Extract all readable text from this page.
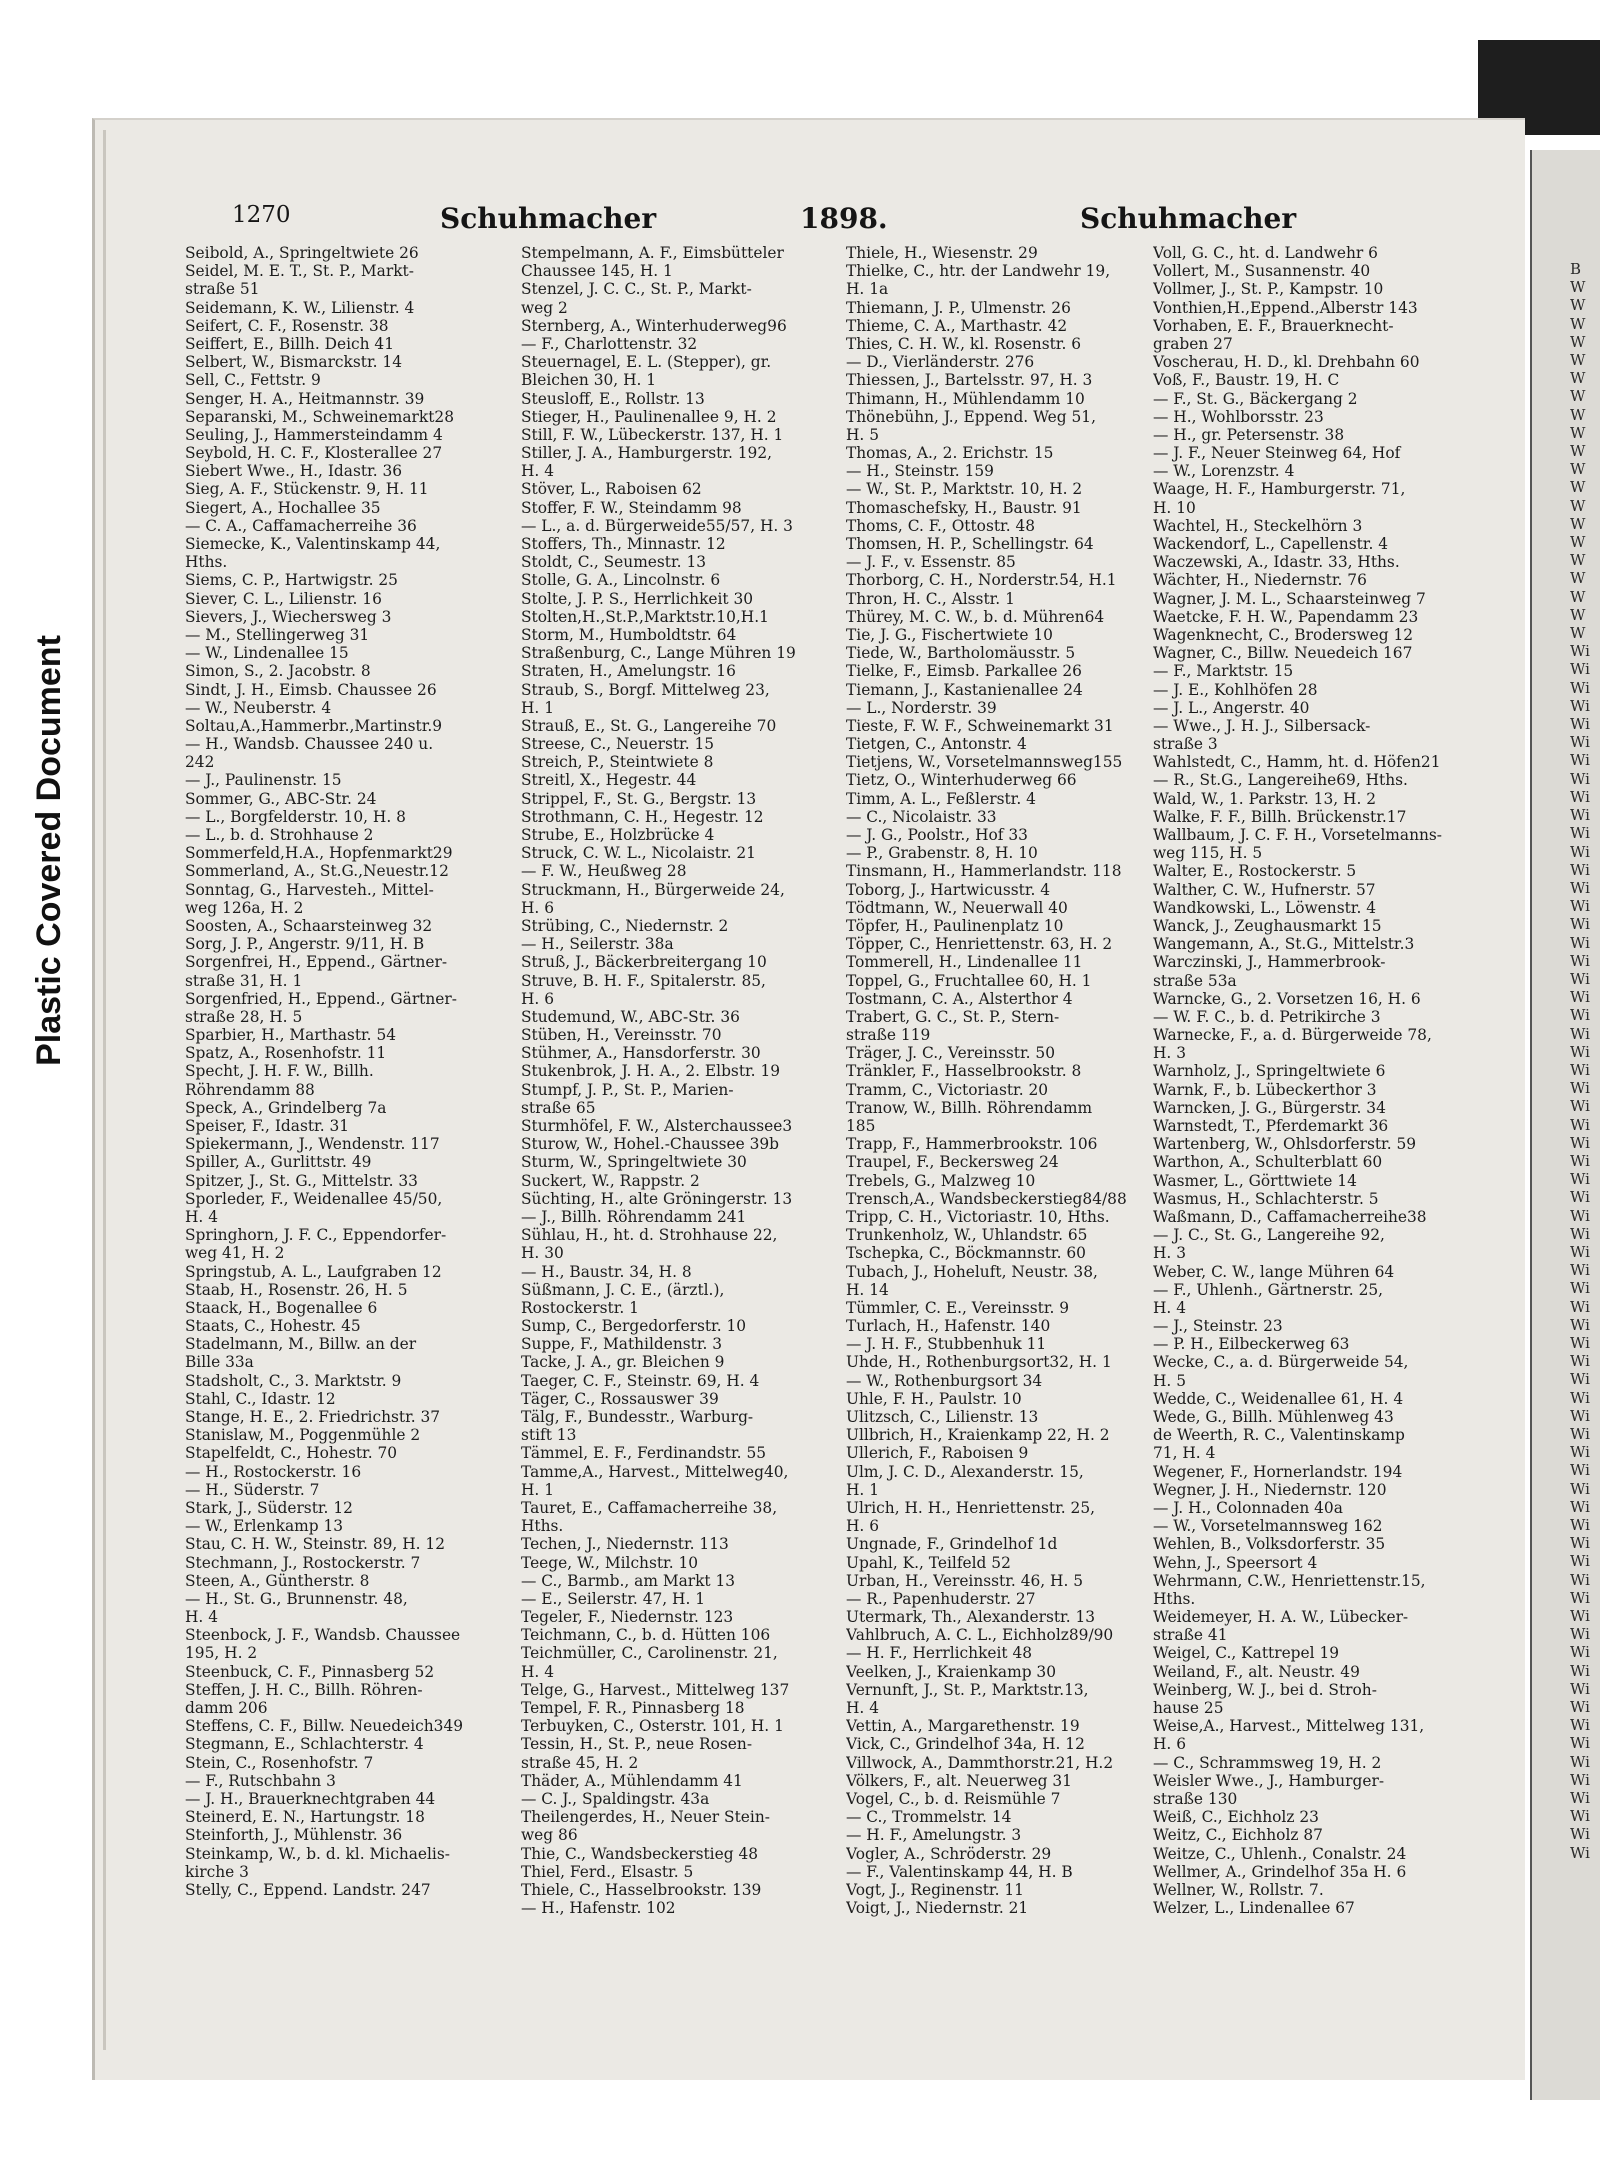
Plastic Covered Document
1270	Schuhmacher	1898.	Schuhmacher
Seibold, A., Springeltwiete 26
Seidel, M. E. T., St. P., Markt-
straße 51
Seidemann, K. W., Lilienstr. 4
Seifert, C. F., Rosenstr. 38
Seiffert, E., Billh. Deich 41
Selbert, W., Bismarckstr. 14
Sell, C., Fettstr. 9
Senger, H. A., Heitmannstr. 39
Separanski, M., Schweinemarkt28
Seuling, J., Hammersteindamm 4
Seybold, H. C. F., Klosterallee 27
Siebert Wwe., H., Idastr. 36
Sieg, A. F., Stückenstr. 9, H. 11
Siegert, A., Hochallee 35
— C. A., Caffamacherreihe 36
Siemecke, K., Valentinskamp 44,
Hths.
Siems, C. P., Hartwigstr. 25
Siever, C. L., Lilienstr. 16
Sievers, J., Wiechersweg 3
— M., Stellingerweg 31
— W., Lindenallee 15
Simon, S., 2. Jacobstr. 8
Sindt, J. H., Eimsb. Chaussee 26
— W., Neuberstr. 4
Soltau,A.,Hammerbr.,Martinstr.9
— H., Wandsb. Chaussee 240 u.
242
— J., Paulinenstr. 15
Sommer, G., ABC-Str. 24
— L., Borgfelderstr. 10, H. 8
— L., b. d. Strohhause 2
Sommerfeld,H.A., Hopfenmarkt29
Sommerland, A., St.G.,Neuestr.12
Sonntag, G., Harvesteh., Mittel-
weg 126a, H. 2
Soosten, A., Schaarsteinweg 32
Sorg, J. P., Angerstr. 9/11, H. B
Sorgenfrei, H., Eppend., Gärtner-
straße 31, H. 1
Sorgenfried, H., Eppend., Gärtner-
straße 28, H. 5
Sparbier, H., Marthastr. 54
Spatz, A., Rosenhofstr. 11
Specht, J. H. F. W., Billh.
Röhrendamm 88
Speck, A., Grindelberg 7a
Speiser, F., Idastr. 31
Spiekermann, J., Wendenstr. 117
Spiller, A., Gurlittstr. 49
Spitzer, J., St. G., Mittelstr. 33
Sporleder, F., Weidenallee 45/50,
H. 4
Springhorn, J. F. C., Eppendorfer-
weg 41, H. 2
Springstub, A. L., Laufgraben 12
Staab, H., Rosenstr. 26, H. 5
Staack, H., Bogenallee 6
Staats, C., Hohestr. 45
Stadelmann, M., Billw. an der
Bille 33a
Stadsholt, C., 3. Marktstr. 9
Stahl, C., Idastr. 12
Stange, H. E., 2. Friedrichstr. 37
Stanislaw, M., Poggenmühle 2
Stapelfeldt, C., Hohestr. 70
— H., Rostockerstr. 16
— H., Süderstr. 7
Stark, J., Süderstr. 12
— W., Erlenkamp 13
Stau, C. H. W., Steinstr. 89, H. 12
Stechmann, J., Rostockerstr. 7
Steen, A., Güntherstr. 8
— H., St. G., Brunnenstr. 48,
H. 4
Steenbock, J. F., Wandsb. Chaussee
195, H. 2
Steenbuck, C. F., Pinnasberg 52
Steffen, J. H. C., Billh. Röhren-
damm 206
Steffens, C. F., Billw. Neuedeich349
Stegmann, E., Schlachterstr. 4
Stein, C., Rosenhofstr. 7
— F., Rutschbahn 3
— J. H., Brauerknechtgraben 44
Steinerd, E. N., Hartungstr. 18
Steinforth, J., Mühlenstr. 36
Steinkamp, W., b. d. kl. Michaelis-
kirche 3
Stelly, C., Eppend. Landstr. 247
Stempelmann, A. F., Eimsbütteler
Chaussee 145, H. 1
Stenzel, J. C. C., St. P., Markt-
weg 2
Sternberg, A., Winterhuderweg96
— F., Charlottenstr. 32
Steuernagel, E. L. (Stepper), gr.
Bleichen 30, H. 1
Steusloff, E., Rollstr. 13
Stieger, H., Paulinenallee 9, H. 2
Still, F. W., Lübeckerstr. 137, H. 1
Stiller, J. A., Hamburgerstr. 192,
H. 4
Stöver, L., Raboisen 62
Stoffer, F. W., Steindamm 98
— L., a. d. Bürgerweide55/57, H. 3
Stoffers, Th., Minnastr. 12
Stoldt, C., Seumestr. 13
Stolle, G. A., Lincolnstr. 6
Stolte, J. P. S., Herrlichkeit 30
Stolten,H.,St.P.,Marktstr.10,H.1
Storm, M., Humboldtstr. 64
Straßenburg, C., Lange Mühren 19
Straten, H., Amelungstr. 16
Straub, S., Borgf. Mittelweg 23,
H. 1
Strauß, E., St. G., Langereihe 70
Streese, C., Neuerstr. 15
Streich, P., Steintwiete 8
Streitl, X., Hegestr. 44
Strippel, F., St. G., Bergstr. 13
Strothmann, C. H., Hegestr. 12
Strube, E., Holzbrücke 4
Struck, C. W. L., Nicolaistr. 21
— F. W., Heußweg 28
Struckmann, H., Bürgerweide 24,
H. 6
Strübing, C., Niedernstr. 2
— H., Seilerstr. 38a
Struß, J., Bäckerbreitergang 10
Struve, B. H. F., Spitalerstr. 85,
H. 6
Studemund, W., ABC-Str. 36
Stüben, H., Vereinsstr. 70
Stühmer, A., Hansdorferstr. 30
Stukenbrok, J. H. A., 2. Elbstr. 19
Stumpf, J. P., St. P., Marien-
straße 65
Sturmhöfel, F. W., Alsterchaussee3
Sturow, W., Hohel.-Chaussee 39b
Sturm, W., Springeltwiete 30
Suckert, W., Rappstr. 2
Süchting, H., alte Gröningerstr. 13
— J., Billh. Röhrendamm 241
Sühlau, H., ht. d. Strohhause 22,
H. 30
— H., Baustr. 34, H. 8
Süßmann, J. C. E., (ärztl.),
Rostockerstr. 1
Sump, C., Bergedorferstr. 10
Suppe, F., Mathildenstr. 3
Tacke, J. A., gr. Bleichen 9
Taeger, C. F., Steinstr. 69, H. 4
Täger, C., Rossauswег 39
Tälg, F., Bundesstr., Warburg-
stift 13
Tämmel, E. F., Ferdinandstr. 55
Tamme,A., Harvest., Mittelweg40,
H. 1
Tauret, E., Caffamacherreihe 38,
Hths.
Techen, J., Niedernstr. 113
Teege, W., Milchstr. 10
— C., Barmb., am Markt 13
— E., Seilerstr. 47, H. 1
Tegeler, F., Niedernstr. 123
Teichmann, C., b. d. Hütten 106
Teichmüller, C., Carolinenstr. 21,
H. 4
Telge, G., Harvest., Mittelweg 137
Tempel, F. R., Pinnasberg 18
Terbuyken, C., Osterstr. 101, H. 1
Tessin, H., St. P., neue Rosen-
straße 45, H. 2
Thäder, A., Mühlendamm 41
— C. J., Spaldingstr. 43a
Theilengerdes, H., Neuer Stein-
weg 86
Thie, C., Wandsbeckerstieg 48
Thiel, Ferd., Elsastr. 5
Thiele, C., Hasselbrookstr. 139
— H., Hafenstr. 102
Thiele, H., Wiesenstr. 29
Thielke, C., htr. der Landwehr 19,
H. 1a
Thiemann, J. P., Ulmenstr. 26
Thieme, C. A., Marthastr. 42
Thies, C. H. W., kl. Rosenstr. 6
— D., Vierländerstr. 276
Thiessen, J., Bartelsstr. 97, H. 3
Thimann, H., Mühlendamm 10
Thönebühn, J., Eppend. Weg 51,
H. 5
Thomas, A., 2. Erichstr. 15
— H., Steinstr. 159
— W., St. P., Marktstr. 10, H. 2
Thomaschefsky, H., Baustr. 91
Thoms, C. F., Ottostr. 48
Thomsen, H. P., Schellingstr. 64
— J. F., v. Essenstr. 85
Thorborg, C. H., Norderstr.54, H.1
Thron, H. C., Alsstr. 1
Thürey, M. C. W., b. d. Mühren64
Tie, J. G., Fischertwiete 10
Tiede, W., Bartholomäusstr. 5
Tielke, F., Eimsb. Parkallee 26
Tiemann, J., Kastanienallee 24
— L., Norderstr. 39
Tieste, F. W. F., Schweinemarkt 31
Tietgen, C., Antonstr. 4
Tietjens, W., Vorsetelmannsweg155
Tietz, O., Winterhuderweg 66
Timm, A. L., Feßlerstr. 4
— C., Nicolaistr. 33
— J. G., Poolstr., Hof 33
— P., Grabenstr. 8, H. 10
Tinsmann, H., Hammerlandstr. 118
Toborg, J., Hartwicusstr. 4
Tödtmann, W., Neuerwall 40
Töpfer, H., Paulinenplatz 10
Töpper, C., Henriettenstr. 63, H. 2
Tommerell, H., Lindenallee 11
Toppel, G., Fruchtallee 60, H. 1
Tostmann, C. A., Alsterthor 4
Trabert, G. C., St. P., Stern-
straße 119
Träger, J. C., Vereinsstr. 50
Tränkler, F., Hasselbrookstr. 8
Tramm, C., Victoriastr. 20
Tranow, W., Billh. Röhrendamm
185
Trapp, F., Hammerbrookstr. 106
Traupel, F., Beckersweg 24
Trebels, G., Malzweg 10
Trensch,A., Wandsbeckerstieg84/88
Tripp, C. H., Victoriastr. 10, Hths.
Trunkenholz, W., Uhlandstr. 65
Tschepka, C., Böckmannstr. 60
Tubach, J., Hoheluft, Neustr. 38,
H. 14
Tümmler, C. E., Vereinsstr. 9
Turlach, H., Hafenstr. 140
— J. H. F., Stubbenhuk 11
Uhde, H., Rothenburgsort32, H. 1
— W., Rothenburgsort 34
Uhle, F. H., Paulstr. 10
Ulitzsch, C., Lilienstr. 13
Ullbrich, H., Kraienkamp 22, H. 2
Ullerich, F., Raboisen 9
Ulm, J. C. D., Alexanderstr. 15,
H. 1
Ulrich, H. H., Henriettenstr. 25,
H. 6
Ungnade, F., Grindelhof 1d
Upahl, K., Teilfeld 52
Urban, H., Vereinsstr. 46, H. 5
— R., Papenhuderstr. 27
Utermark, Th., Alexanderstr. 13
Vahlbruch, A. C. L., Eichholz89/90
— H. F., Herrlichkeit 48
Veelken, J., Kraienkamp 30
Vernunft, J., St. P., Marktstr.13,
H. 4
Vettin, A., Margarethenstr. 19
Vick, C., Grindelhof 34a, H. 12
Villwock, A., Dammthorstr.21, H.2
Völkers, F., alt. Neuerweg 31
Vogel, C., b. d. Reismühle 7
— C., Trommelstr. 14
— H. F., Amelungstr. 3
Vogler, A., Schröderstr. 29
— F., Valentinskamp 44, H. B
Vogt, J., Reginenstr. 11
Voigt, J., Niedernstr. 21
Voll, G. C., ht. d. Landwehr 6
Vollert, M., Susannenstr. 40
Vollmer, J., St. P., Kampstr. 10
Vonthien,H.,Eppend.,Alberstr 143
Vorhaben, E. F., Brauerknecht-
graben 27
Voscherau, H. D., kl. Drehbahn 60
Voß, F., Baustr. 19, H. C
— F., St. G., Bäckergang 2
— H., Wohlborsstr. 23
— H., gr. Petersenstr. 38
— J. F., Neuer Steinweg 64, Hof
— W., Lorenzstr. 4
Waage, H. F., Hamburgerstr. 71,
H. 10
Wachtel, H., Steckelhörn 3
Wackendorf, L., Capellenstr. 4
Waczewski, A., Idastr. 33, Hths.
Wächter, H., Niedernstr. 76
Wagner, J. M. L., Schaarsteinweg 7
Waetcke, F. H. W., Papendamm 23
Wagenknecht, C., Brodersweg 12
Wagner, C., Billw. Neuedeich 167
— F., Marktstr. 15
— J. E., Kohlhöfen 28
— J. L., Angerstr. 40
— Wwe., J. H. J., Silbersack-
straße 3
Wahlstedt, C., Hamm, ht. d. Höfen21
— R., St.G., Langereihe69, Hths.
Wald, W., 1. Parkstr. 13, H. 2
Walke, F. F., Billh. Brückenstr.17
Wallbaum, J. C. F. H., Vorsetelmanns-
weg 115, H. 5
Walter, E., Rostockerstr. 5
Walther, C. W., Hufnerstr. 57
Wandkowski, L., Löwenstr. 4
Wanck, J., Zeughausmarkt 15
Wangemann, A., St.G., Mittelstr.3
Warczinski, J., Hammerbrook-
straße 53a
Warncke, G., 2. Vorsetzen 16, H. 6
— W. F. C., b. d. Petrikirche 3
Warnecke, F., a. d. Bürgerweide 78,
H. 3
Warnholz, J., Springeltwiete 6
Warnk, F., b. Lübeckerthor 3
Warncken, J. G., Bürgerstr. 34
Warnstedt, T., Pferdemarkt 36
Wartenberg, W., Ohlsdorferstr. 59
Warthon, A., Schulterblatt 60
Wasmer, L., Görttwiete 14
Wasmus, H., Schlachterstr. 5
Waßmann, D., Caffamacherreihe38
— J. C., St. G., Langereihe 92,
H. 3
Weber, C. W., lange Mühren 64
— F., Uhlenh., Gärtnerstr. 25,
H. 4
— J., Steinstr. 23
— P. H., Eilbeckerweg 63
Wecke, C., a. d. Bürgerweide 54,
H. 5
Wedde, C., Weidenallee 61, H. 4
Wede, G., Billh. Mühlenweg 43
de Weerth, R. C., Valentinskamp
71, H. 4
Wegener, F., Hornerlandstr. 194
Wegner, J. H., Niedernstr. 120
— J. H., Colonnaden 40a
— W., Vorsetelmannsweg 162
Wehlen, B., Volksdorferstr. 35
Wehn, J., Speersort 4
Wehrmann, C.W., Henriettenstr.15,
Hths.
Weidemeyer, H. A. W., Lübecker-
straße 41
Weigel, C., Kattrepel 19
Weiland, F., alt. Neustr. 49
Weinberg, W. J., bei d. Stroh-
hause 25
Weise,A., Harvest., Mittelweg 131,
H. 6
— C., Schrammsweg 19, H. 2
Weisler Wwe., J., Hamburger-
straße 130
Weiß, C., Eichholz 23
Weitz, C., Eichholz 87
Weitze, C., Uhlenh., Conalstr. 24
Wellmer, A., Grindelhof 35a H. 6
Wellner, W., Rollstr. 7.
Welzer, L., Lindenallee 67
B
W
W
W
W
W
W
W
W
W
W
W
W
W
W
W
W
W
W
W
W
Wi
Wi
Wi
Wi
Wi
Wi
Wi
Wi
Wi
Wi
Wi
Wi
Wi
Wi
Wi
Wi
Wi
Wi
Wi
Wi
Wi
Wi
Wi
Wi
Wi
Wi
Wi
Wi
Wi
Wi
Wi
Wi
Wi
Wi
Wi
Wi
Wi
Wi
Wi
Wi
Wi
Wi
Wi
Wi
Wi
Wi
Wi
Wi
Wi
Wi
Wi
Wi
Wi
Wi
Wi
Wi
Wi
Wi
Wi
Wi
Wi
Wi
Wi
Wi
Wi
Wi
Wi
